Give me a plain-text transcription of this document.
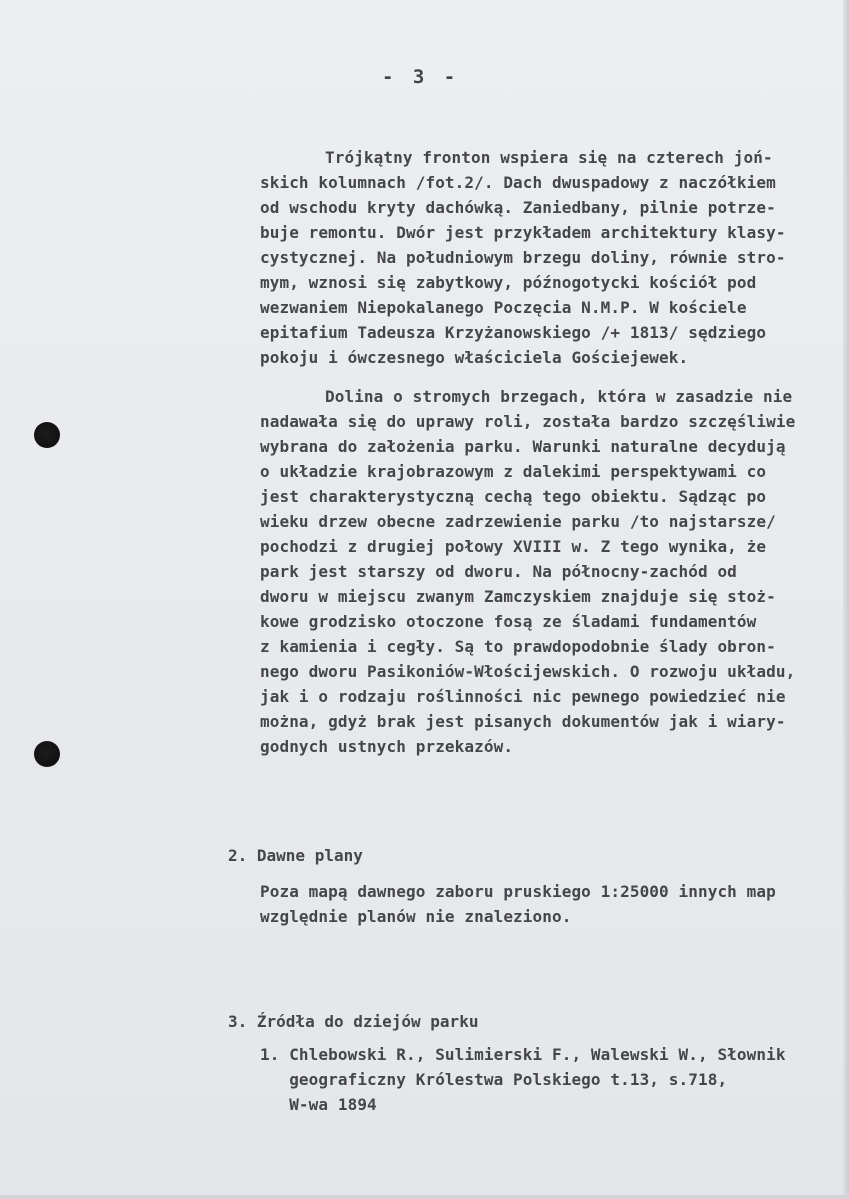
- 3 -
Trójkątny fronton wspiera się na czterech joń-
skich kolumnach /fot.2/. Dach dwuspadowy z naczółkiem
od wschodu kryty dachówką. Zaniedbany, pilnie potrze-
buje remontu. Dwór jest przykładem architektury klasy-
cystycznej. Na południowym brzegu doliny, równie stro-
mym, wznosi się zabytkowy, późnogotycki kościół pod
wezwaniem Niepokalanego Poczęcia N.M.P. W kościele
epitafium Tadeusza Krzyżanowskiego /+ 1813/ sędziego
pokoju i ówczesnego właściciela Gościejewek.
Dolina o stromych brzegach, która w zasadzie nie
nadawała się do uprawy roli, została bardzo szczęśliwie
wybrana do założenia parku. Warunki naturalne decydują
o układzie krajobrazowym z dalekimi perspektywami co
jest charakterystyczną cechą tego obiektu. Sądząc po
wieku drzew obecne zadrzewienie parku /to najstarsze/
pochodzi z drugiej połowy XVIII w. Z tego wynika, że
park jest starszy od dworu. Na północny-zachód od
dworu w miejscu zwanym Zamczyskiem znajduje się stoż-
kowe grodzisko otoczone fosą ze śladami fundamentów
z kamienia i cegły. Są to prawdopodobnie ślady obron-
nego dworu Pasikoniów-Włościjewskich. O rozwoju układu,
jak i o rodzaju roślinności nic pewnego powiedzieć nie
można, gdyż brak jest pisanych dokumentów jak i wiary-
godnych ustnych przekazów.
2. Dawne plany
Poza mapą dawnego zaboru pruskiego 1:25000 innych map
względnie planów nie znaleziono.
3. Źródła do dziejów parku
1. Chlebowski R., Sulimierski F., Walewski W., Słownik
geograficzny Królestwa Polskiego t.13, s.718,
W-wa 1894
